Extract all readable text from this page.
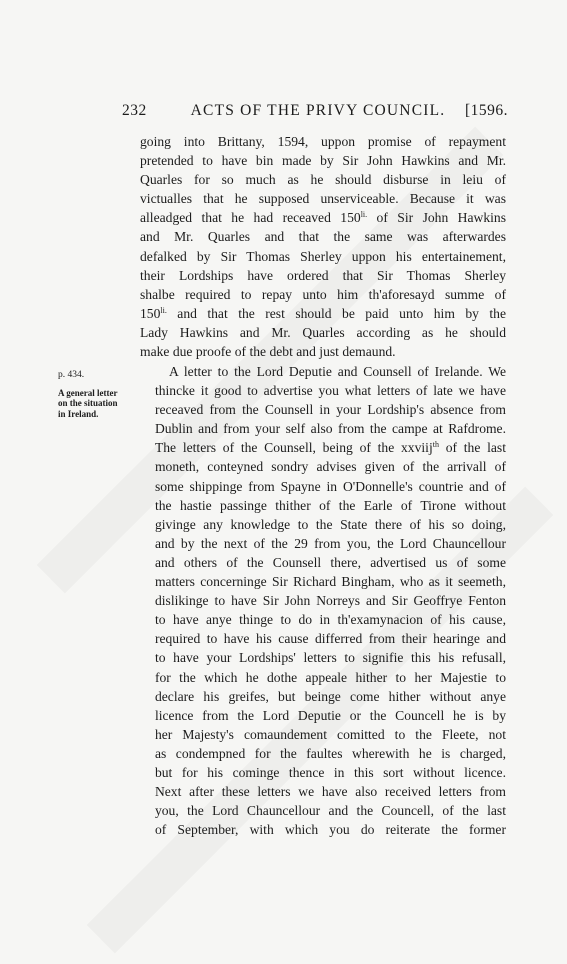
232	ACTS OF THE PRIVY COUNCIL.	[1596.
p. 434.
A general letter on the situation in Ireland.
going into Brittany, 1594, uppon promise of repayment
pretended to have bin made by Sir John Hawkins and Mr.
Quarles for so much as he should disburse in leiu of
victualles that he supposed unserviceable. Because it was
alleadged that he had receaved $150^{li.}$ of Sir John Hawkins
and Mr. Quarles and that the same was afterwardes
defalked by Sir Thomas Sherley uppon his entertainement,
their Lordships have ordered that Sir Thomas Sherley
shalbe required to repay unto him th'aforesayd summe of
$150^{li.}$ and that the rest should be paid unto him by the
Lady Hawkins and Mr. Quarles according as he should
make due proofe of the debt and just demaund.
A letter to the Lord Deputie and Counsell of Irelande. We
thincke it good to advertise you what letters of late we have
receaved from the Counsell in your Lordship's absence from
Dublin and from your self also from the campe at Rafdrome.
The letters of the Counsell, being of the xxviij$^{th}$ of the last
moneth, conteyned sondry advises given of the arrivall of
some shippinge from Spayne in O'Donnelle's countrie and of
the hastie passinge thither of the Earle of Tirone without
givinge any knowledge to the State there of his so doing,
and by the next of the 29 from you, the Lord Chauncellour
and others of the Counsell there, advertised us of some
matters concerninge Sir Richard Bingham, who as it seemeth,
dislikinge to have Sir John Norreys and Sir Geoffrye Fenton
to have anye thinge to do in th'examynacion of his cause,
required to have his cause differred from their hearinge and
to have your Lordships' letters to signifie this his refusall,
for the which he dothe appeale hither to her Majestie to
declare his greifes, but beinge come hither without anye
licence from the Lord Deputie or the Councell he is by
her Majesty's comaundement comitted to the Fleete, not
as condempned for the faultes wherewith he is charged,
but for his cominge thence in this sort without licence.
Next after these letters we have also received letters from
you, the Lord Chauncellour and the Councell, of the last
of September, with which you do reiterate the former
